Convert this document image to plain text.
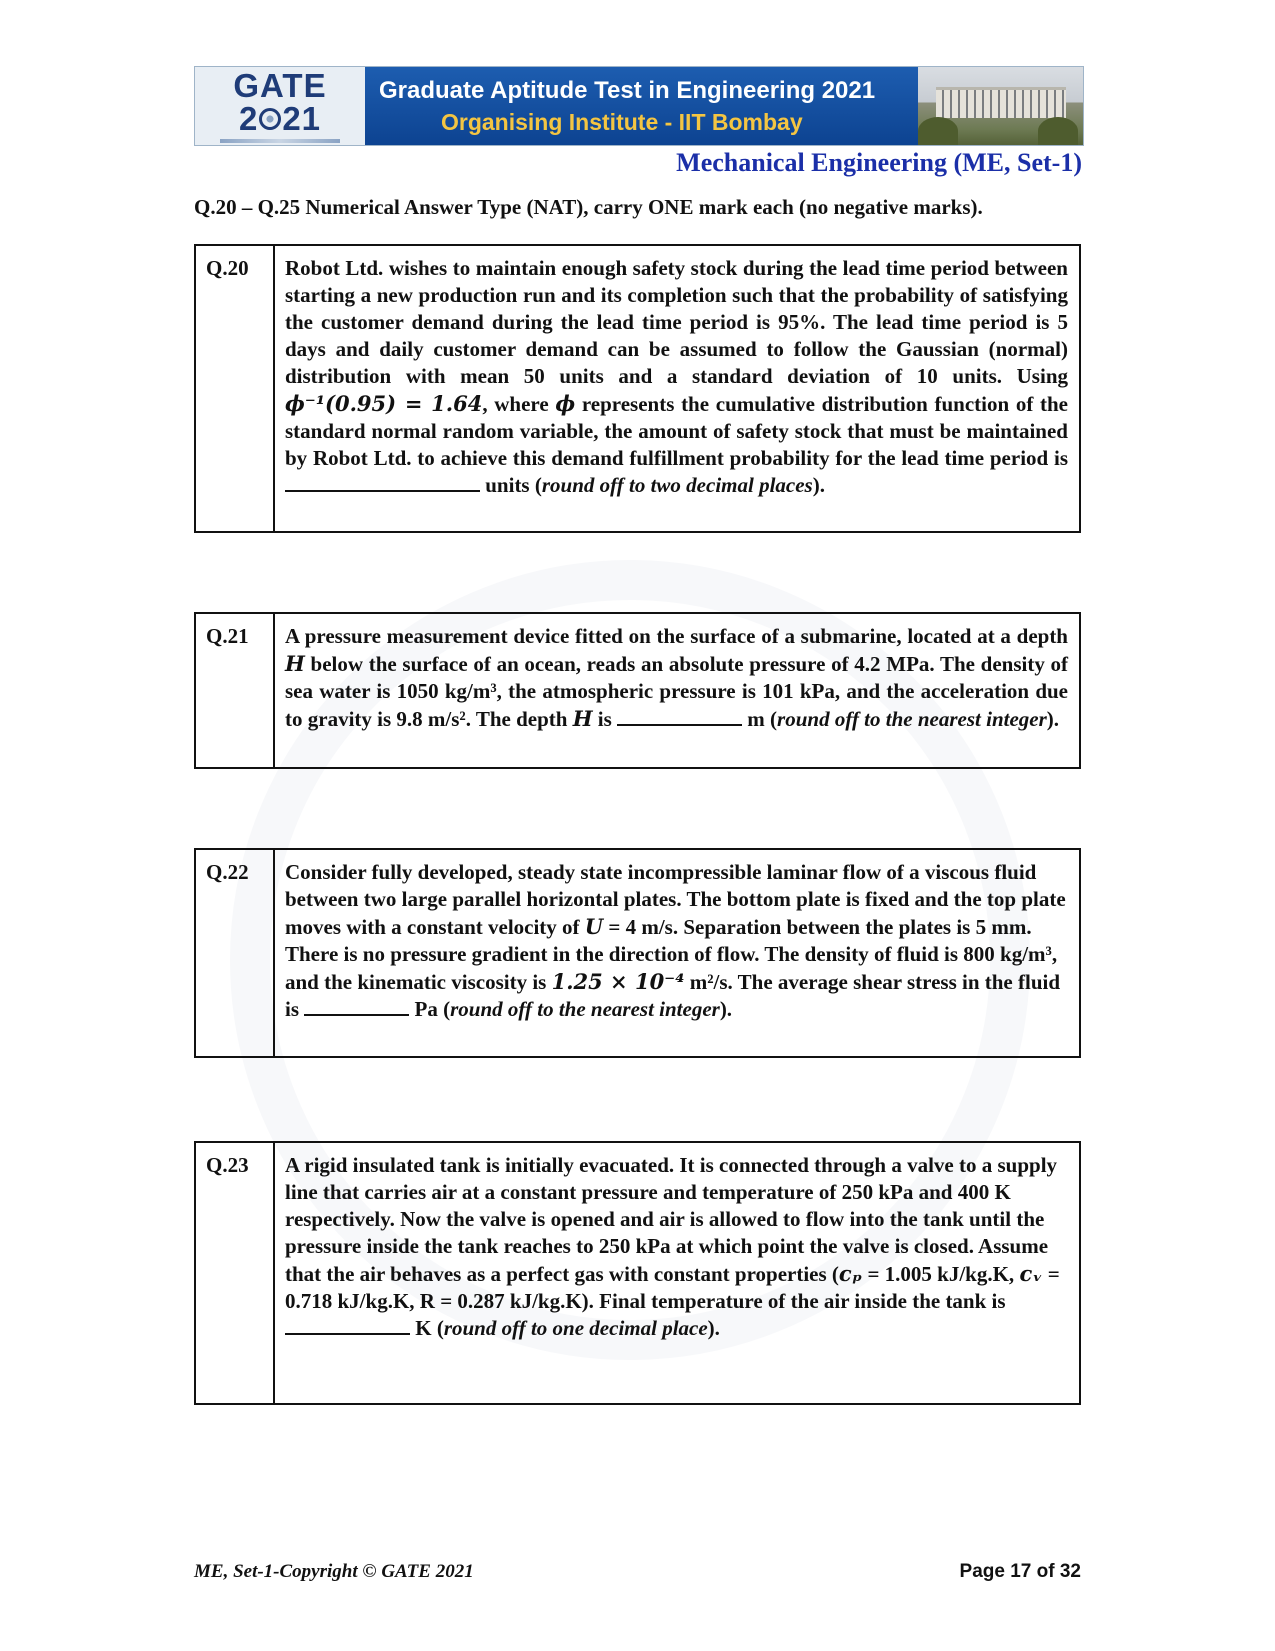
GATE
2 21
Graduate Aptitude Test in Engineering 2021
Organising Institute - IIT Bombay
Mechanical Engineering (ME, Set-1)
Q.20 – Q.25 Numerical Answer Type (NAT), carry ONE mark each (no negative marks).
Q.20	Robot Ltd. wishes to maintain enough safety stock during the lead time period between starting a new production run and its completion such that the probability of satisfying the customer demand during the lead time period is 95%. The lead time period is 5 days and daily customer demand can be assumed to follow the Gaussian (normal) distribution with mean 50 units and a standard deviation of 10 units. Using ϕ⁻¹(0.95) = 1.64, where ϕ represents the cumulative distribution function of the standard normal random variable, the amount of safety stock that must be maintained by Robot Ltd. to achieve this demand fulfillment probability for the lead time period is  units (round off to two decimal places).
Q.21	A pressure measurement device fitted on the surface of a submarine, located at a depth H below the surface of an ocean, reads an absolute pressure of 4.2 MPa. The density of sea water is 1050 kg/m³, the atmospheric pressure is 101 kPa, and the acceleration due to gravity is 9.8 m/s². The depth H is	m (round off to the nearest integer).
Q.22	Consider fully developed, steady state incompressible laminar flow of a viscous fluid between two large parallel horizontal plates. The bottom plate is fixed and the top plate moves with a constant velocity of U = 4 m/s. Separation between the plates is 5 mm. There is no pressure gradient in the direction of flow. The density of fluid is 800 kg/m³, and the kinematic viscosity is 1.25 × 10⁻⁴ m²/s. The average shear stress in the fluid is	Pa (round off to the nearest integer).
Q.23	A rigid insulated tank is initially evacuated. It is connected through a valve to a supply line that carries air at a constant pressure and temperature of 250 kPa and 400 K respectively. Now the valve is opened and air is allowed to flow into the tank until the pressure inside the tank reaches to 250 kPa at which point the valve is closed. Assume that the air behaves as a perfect gas with constant properties (cₚ = 1.005 kJ/kg.K, cᵥ = 0.718 kJ/kg.K, R = 0.287 kJ/kg.K). Final temperature of the air inside the tank is  K (round off to one decimal place).
ME, Set-1-Copyright © GATE 2021	Page 17 of 32
